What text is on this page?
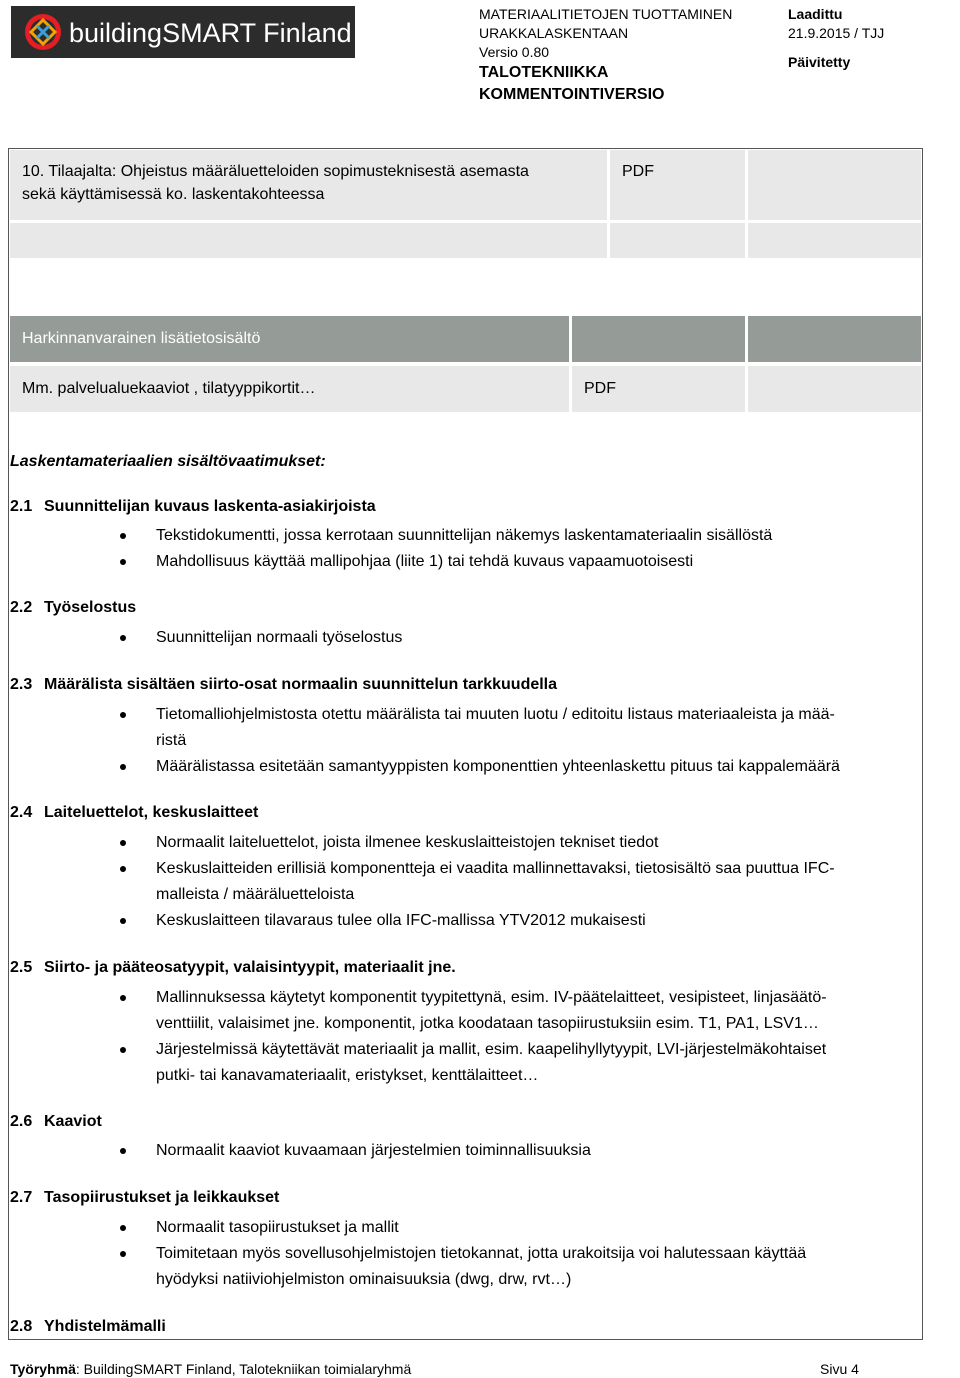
buildingSMART Finland
MATERIAALITIETOJEN TUOTTAMINEN
URAKKALASKENTAAN
Versio 0.80
TALOTEKNIIKKA
KOMMENTOINTIVERSIO
Laadittu
21.9.2015 / TJJ
Päivitetty
10. Tilaajalta: Ohjeistus määräluetteloiden sopimusteknisestä asemasta
sekä käyttämisessä ko. laskentakohteessa
PDF
Harkinnanvarainen lisätietosisältö
Mm. palvelualuekaaviot , tilatyyppikortit…	PDF
Laskentamateriaalien sisältövaatimukset:
2.1 Suunnittelijan kuvaus laskenta-asiakirjoista
Tekstidokumentti, jossa kerrotaan suunnittelijan näkemys laskentamateriaalin sisällöstä
Mahdollisuus käyttää mallipohjaa (liite 1) tai tehdä kuvaus vapaamuotoisesti
2.2 Työselostus
Suunnittelijan normaali työselostus
2.3 Määrälista sisältäen siirto-osat normaalin suunnittelun tarkkuudella
Tietomalliohjelmistosta otettu määrälista tai muuten luotu / editoitu listaus materiaaleista ja mää-
ristä
Määrälistassa esitetään samantyyppisten komponenttien yhteenlaskettu pituus tai kappalemäärä
2.4 Laiteluettelot, keskuslaitteet
Normaalit laiteluettelot, joista ilmenee keskuslaitteistojen tekniset tiedot
Keskuslaitteiden erillisiä komponentteja ei vaadita mallinnettavaksi, tietosisältö saa puuttua IFC-
malleista / määräluetteloista
Keskuslaitteen tilavaraus tulee olla IFC-mallissa YTV2012 mukaisesti
2.5 Siirto- ja pääteosatyypit, valaisintyypit, materiaalit jne.
Mallinnuksessa käytetyt komponentit tyypitettynä, esim. IV-päätelaitteet, vesipisteet, linjasäätö-
venttiilit, valaisimet jne. komponentit, jotka koodataan tasopiirustuksiin esim. T1, PA1, LSV1…
Järjestelmissä käytettävät materiaalit ja mallit, esim. kaapelihyllytyypit, LVI-järjestelmäkohtaiset
putki- tai kanavamateriaalit, eristykset, kenttälaitteet…
2.6 Kaaviot
Normaalit kaaviot kuvaamaan järjestelmien toiminnallisuuksia
2.7 Tasopiirustukset ja leikkaukset
Normaalit tasopiirustukset ja mallit
Toimitetaan myös sovellusohjelmistojen tietokannat, jotta urakoitsija voi halutessaan käyttää
hyödyksi natiiviohjelmiston ominaisuuksia (dwg, drw, rvt…)
2.8 Yhdistelmämalli
Työryhmä: BuildingSMART Finland, Talotekniikan toimialaryhmä	Sivu 4
